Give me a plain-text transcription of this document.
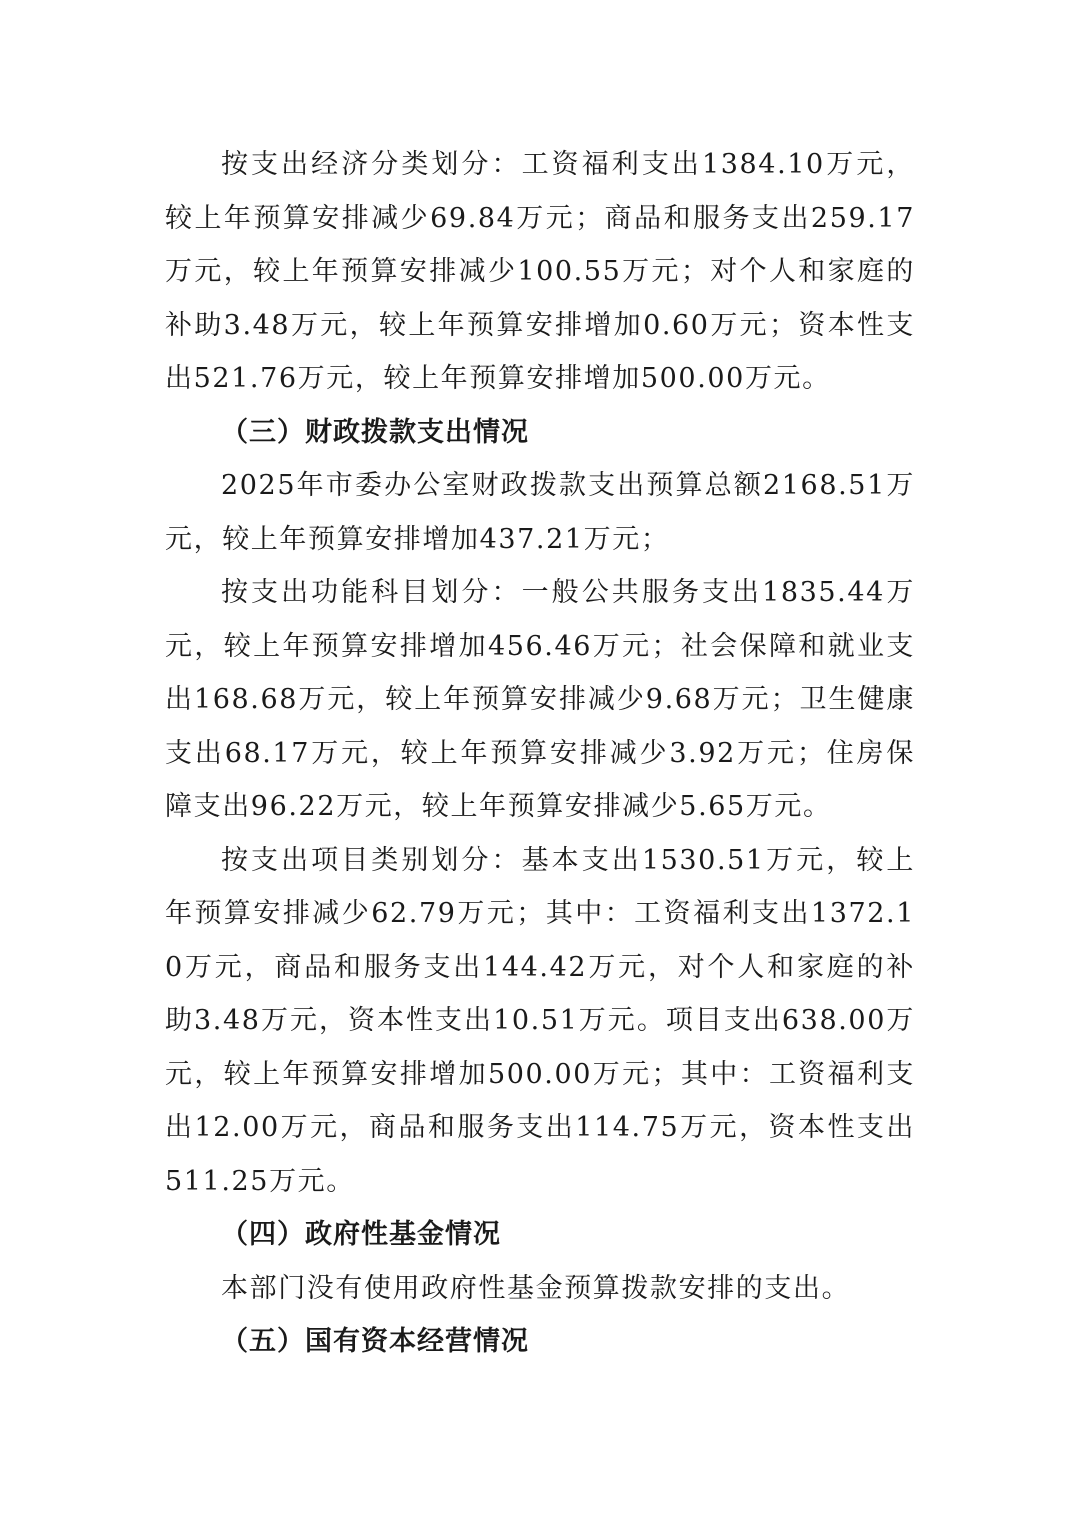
按支出经济分类划分：工资福利支出1384.10万元，较上年预算安排减少69.84万元；商品和服务支出259.17万元，较上年预算安排减少100.55万元；对个人和家庭的补助3.48万元，较上年预算安排增加0.60万元；资本性支出521.76万元，较上年预算安排增加500.00万元。

（三）财政拨款支出情况

2025年市委办公室财政拨款支出预算总额2168.51万元，较上年预算安排增加437.21万元；

按支出功能科目划分：一般公共服务支出1835.44万元，较上年预算安排增加456.46万元；社会保障和就业支出168.68万元，较上年预算安排减少9.68万元；卫生健康支出68.17万元，较上年预算安排减少3.92万元；住房保障支出96.22万元，较上年预算安排减少5.65万元。

按支出项目类别划分：基本支出1530.51万元，较上年预算安排减少62.79万元；其中：工资福利支出1372.10万元，商品和服务支出144.42万元，对个人和家庭的补助3.48万元，资本性支出10.51万元。项目支出638.00万元，较上年预算安排增加500.00万元；其中：工资福利支出12.00万元，商品和服务支出114.75万元，资本性支出511.25万元。

（四）政府性基金情况

本部门没有使用政府性基金预算拨款安排的支出。

（五）国有资本经营情况
